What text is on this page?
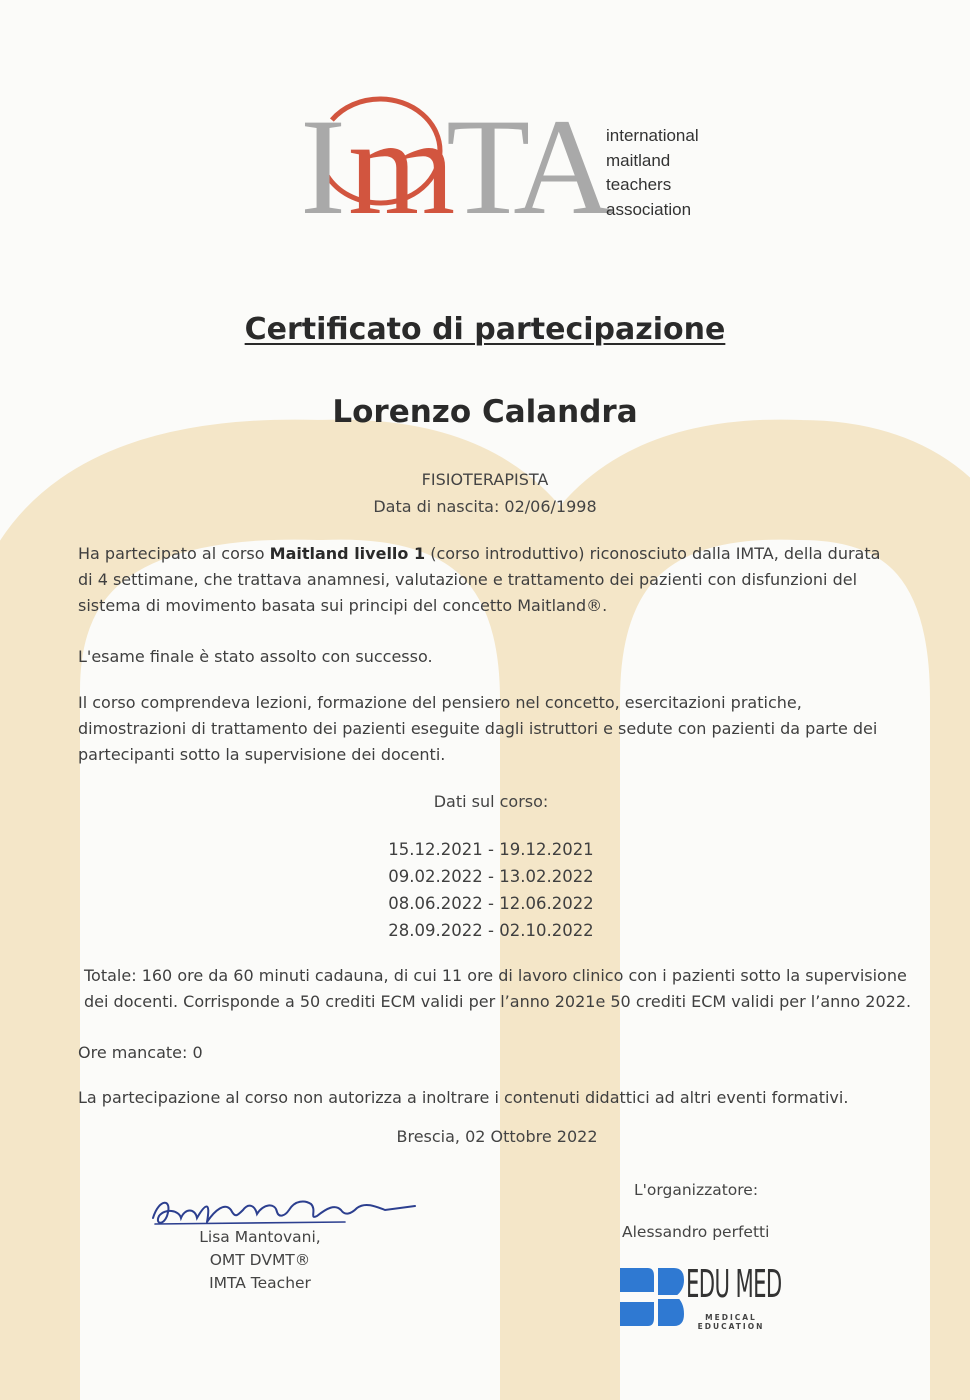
I m
TA international
maitland
teachers
association
Certificato di partecipazione
Lorenzo Calandra
FISIOTERAPISTA
Data di nascita: 02/06/1998
Ha partecipato al corso Maitland livello 1 (corso introduttivo) riconosciuto dalla IMTA, della durata di 4 settimane, che trattava anamnesi, valutazione e trattamento dei pazienti con disfunzioni del sistema di movimento basata sui principi del concetto Maitland®.
L'esame finale è stato assolto con successo.
Il corso comprendeva lezioni, formazione del pensiero nel concetto, esercitazioni pratiche, dimostrazioni di trattamento dei pazienti eseguite dagli istruttori e sedute con pazienti da parte dei partecipanti sotto la supervisione dei docenti.
Dati sul corso:
15.12.2021 - 19.12.2021
09.02.2022 - 13.02.2022
08.06.2022 - 12.06.2022
28.09.2022 - 02.10.2022
Totale: 160 ore da 60 minuti cadauna, di cui 11 ore di lavoro clinico con i pazienti sotto la supervisione dei docenti. Corrisponde a 50 crediti ECM validi per l’anno 2021e 50 crediti ECM validi per l’anno 2022.
Ore mancate: 0
La partecipazione al corso non autorizza a inoltrare i contenuti didattici ad altri eventi formativi.
Brescia, 02 Ottobre 2022
Lisa Mantovani,
OMT DVMT®
IMTA Teacher
L'organizzatore:
Alessandro perfetti
EDU MED
MEDICAL
EDUCATION
